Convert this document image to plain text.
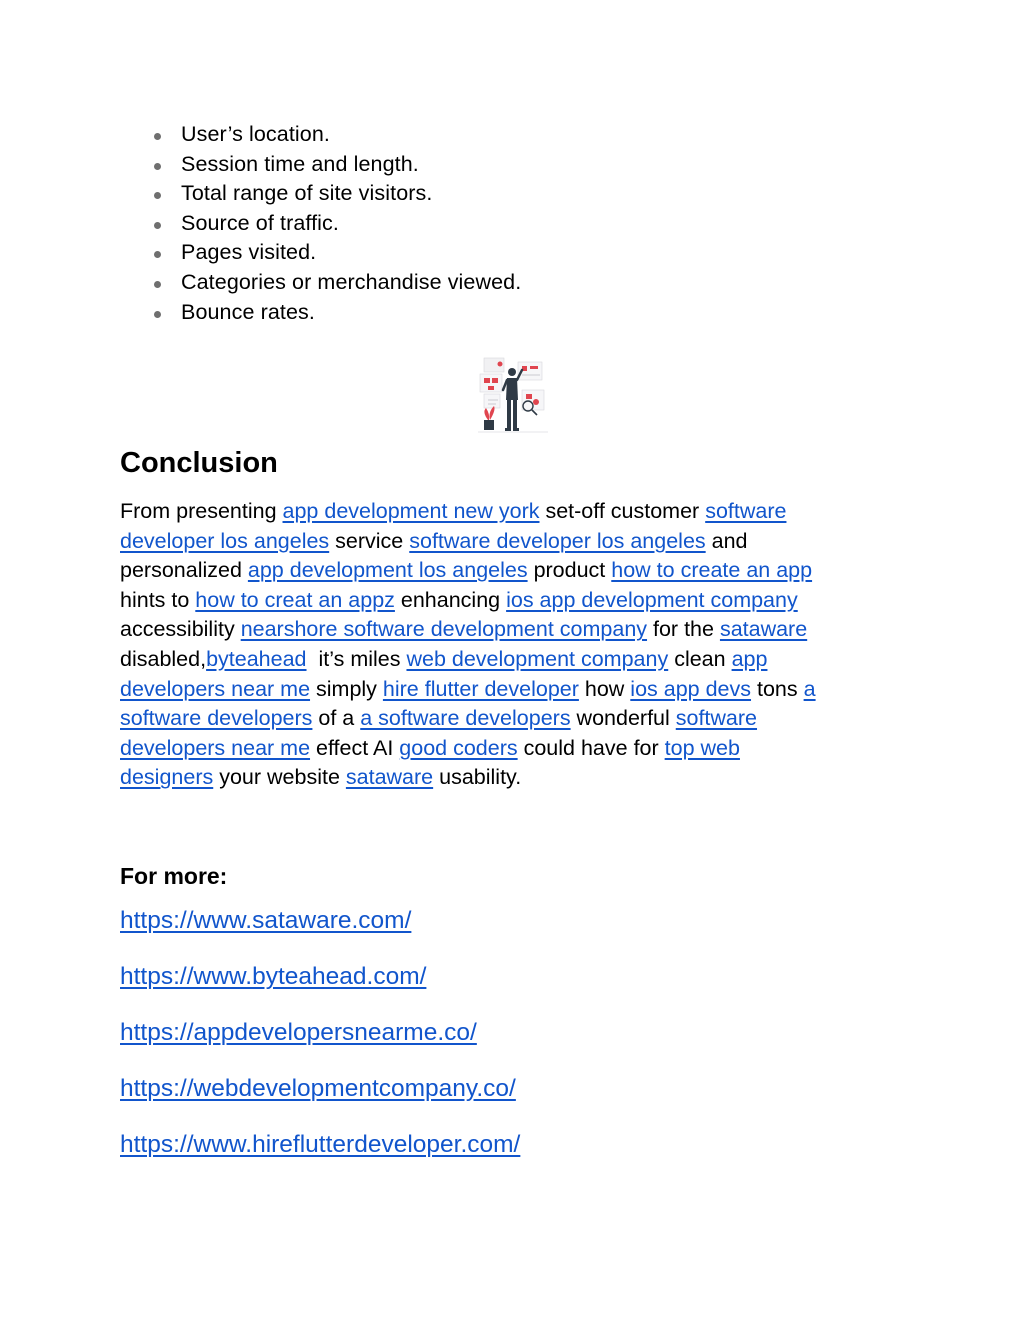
User’s location.
Session time and length.
Total range of site visitors.
Source of traffic.
Pages visited.
Categories or merchandise viewed.
Bounce rates.
Conclusion
From presenting app development new york set-off customer software
developer los angeles service software developer los angeles and
personalized app development los angeles product how to create an app
hints to how to creat an appz enhancing ios app development company
accessibility nearshore software development company for the sataware
disabled,byteahead  it’s miles web development company clean app
developers near me simply hire flutter developer how ios app devs tons a
software developers of a a software developers wonderful software
developers near me effect AI good coders could have for top web
designers your website sataware usability.
For more:
https://www.sataware.com/
https://www.byteahead.com/
https://appdevelopersnearme.co/
https://webdevelopmentcompany.co/
https://www.hireflutterdeveloper.com/
